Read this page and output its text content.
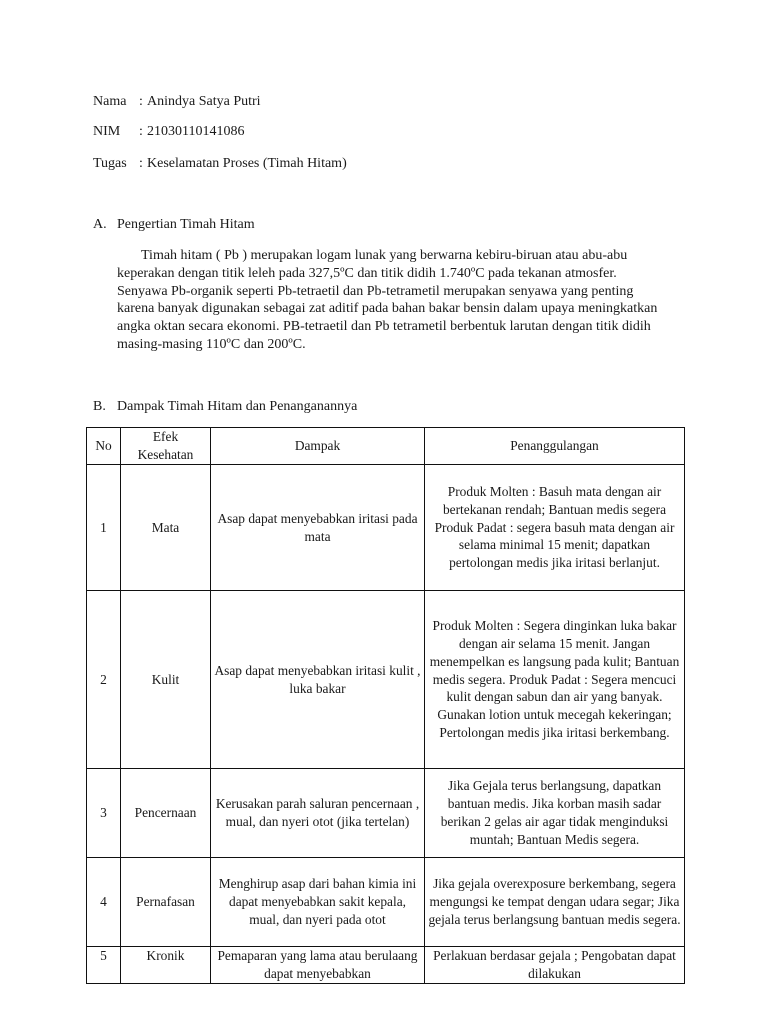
Nama : Anindya Satya Putri
NIM : 21030110141086
Tugas : Keselamatan Proses (Timah Hitam)
A. Pengertian Timah Hitam

Timah hitam ( Pb ) merupakan logam lunak yang berwarna kebiru-biruan atau abu-abu keperakan dengan titik leleh pada 327,5ºC dan titik didih 1.740ºC pada tekanan atmosfer. Senyawa Pb-organik seperti Pb-tetraetil dan Pb-tetrametil merupakan senyawa yang penting karena banyak digunakan sebagai zat aditif pada bahan bakar bensin dalam upaya meningkatkan angka oktan secara ekonomi. PB-tetraetil dan Pb tetrametil berbentuk larutan dengan titik didih masing-masing 110ºC dan 200ºC.

B. Dampak Timah Hitam dan Penanganannya
No	Efek Kesehatan	Dampak	Penanggulangan
1	Mata	Asap dapat menyebabkan iritasi pada mata	Produk Molten : Basuh mata dengan air bertekanan rendah; Bantuan medis segera Produk Padat : segera basuh mata dengan air selama minimal 15 menit; dapatkan pertolongan medis jika iritasi berlanjut.
2	Kulit	Asap dapat menyebabkan iritasi kulit , luka bakar	Produk Molten : Segera dinginkan luka bakar dengan air selama 15 menit. Jangan menempelkan es langsung pada kulit; Bantuan medis segera. Produk Padat : Segera mencuci kulit dengan sabun dan air yang banyak. Gunakan lotion untuk mecegah kekeringan; Pertolongan medis jika iritasi berkembang.
3	Pencernaan	Kerusakan parah saluran pencernaan , mual, dan nyeri otot (jika tertelan)	Jika Gejala terus berlangsung, dapatkan bantuan medis. Jika korban masih sadar berikan 2 gelas air agar tidak menginduksi muntah; Bantuan Medis segera.
4	Pernafasan	Menghirup asap dari bahan kimia ini dapat menyebabkan sakit kepala, mual, dan nyeri pada otot	Jika gejala overexposure berkembang, segera mengungsi ke tempat dengan udara segar; Jika gejala terus berlangsung bantuan medis segera.
5	Kronik	Pemaparan yang lama atau berulaang dapat menyebabkan	Perlakuan berdasar gejala ; Pengobatan dapat dilakukan
